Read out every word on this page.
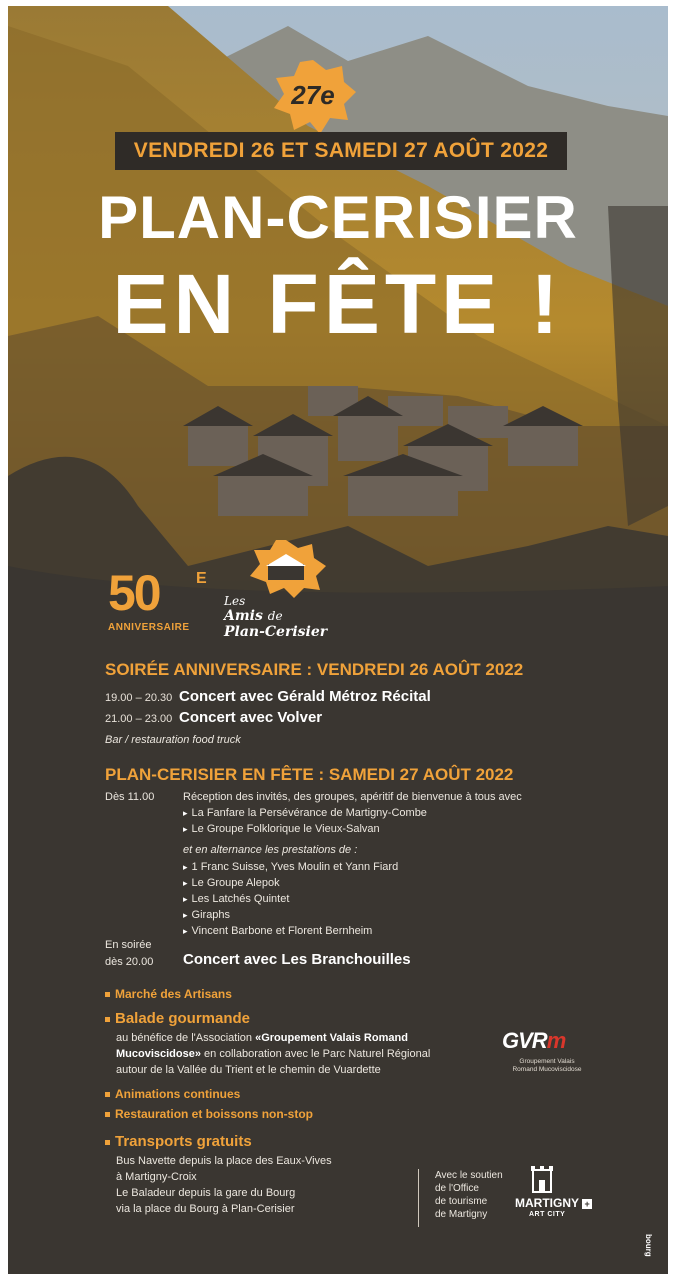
27e
VENDREDI 26 ET SAMEDI 27 AOÛT 2022
PLAN-CERISIER
EN FÊTE !
50 E
ANNIVERSAIRE
Les
Amis de
Plan-Cerisier
SOIRÉE ANNIVERSAIRE : VENDREDI 26 AOÛT 2022
19.00 – 20.30 Concert avec Gérald Métroz Récital
21.00 – 23.00 Concert avec Volver
Bar / restauration food truck
PLAN-CERISIER EN FÊTE : SAMEDI 27 AOÛT 2022
Dès 11.00	Réception des invités, des groupes, apéritif de bienvenue à tous avec
▸ La Fanfare la Persévérance de Martigny-Combe
▸ Le Groupe Folklorique le Vieux-Salvan
et en alternance les prestations de :
▸ 1 Franc Suisse, Yves Moulin et Yann Fiard
▸ Le Groupe Alepok
▸ Les Latchés Quintet
▸ Giraphs
▸ Vincent Barbone et Florent Bernheim
En soirée
dès 20.00 Concert avec Les Branchouilles
Marché des Artisans
Balade gourmande
au bénéfice de l'Association «Groupement Valais Romand
Mucoviscidose» en collaboration avec le Parc Naturel Régional
autour de la Vallée du Trient et le chemin de Vuardette
GVRm
Groupement Valais
Romand Mucoviscidose
Animations continues
Restauration et boissons non-stop
Transports gratuits
Bus Navette depuis la place des Eaux-Vives
à Martigny-Croix
Le Baladeur depuis la gare du Bourg
via la place du Bourg à Plan-Cerisier
Avec le soutien
de l'Office
de tourisme
de Martigny
MARTIGNY +
ART CITY
bourg
